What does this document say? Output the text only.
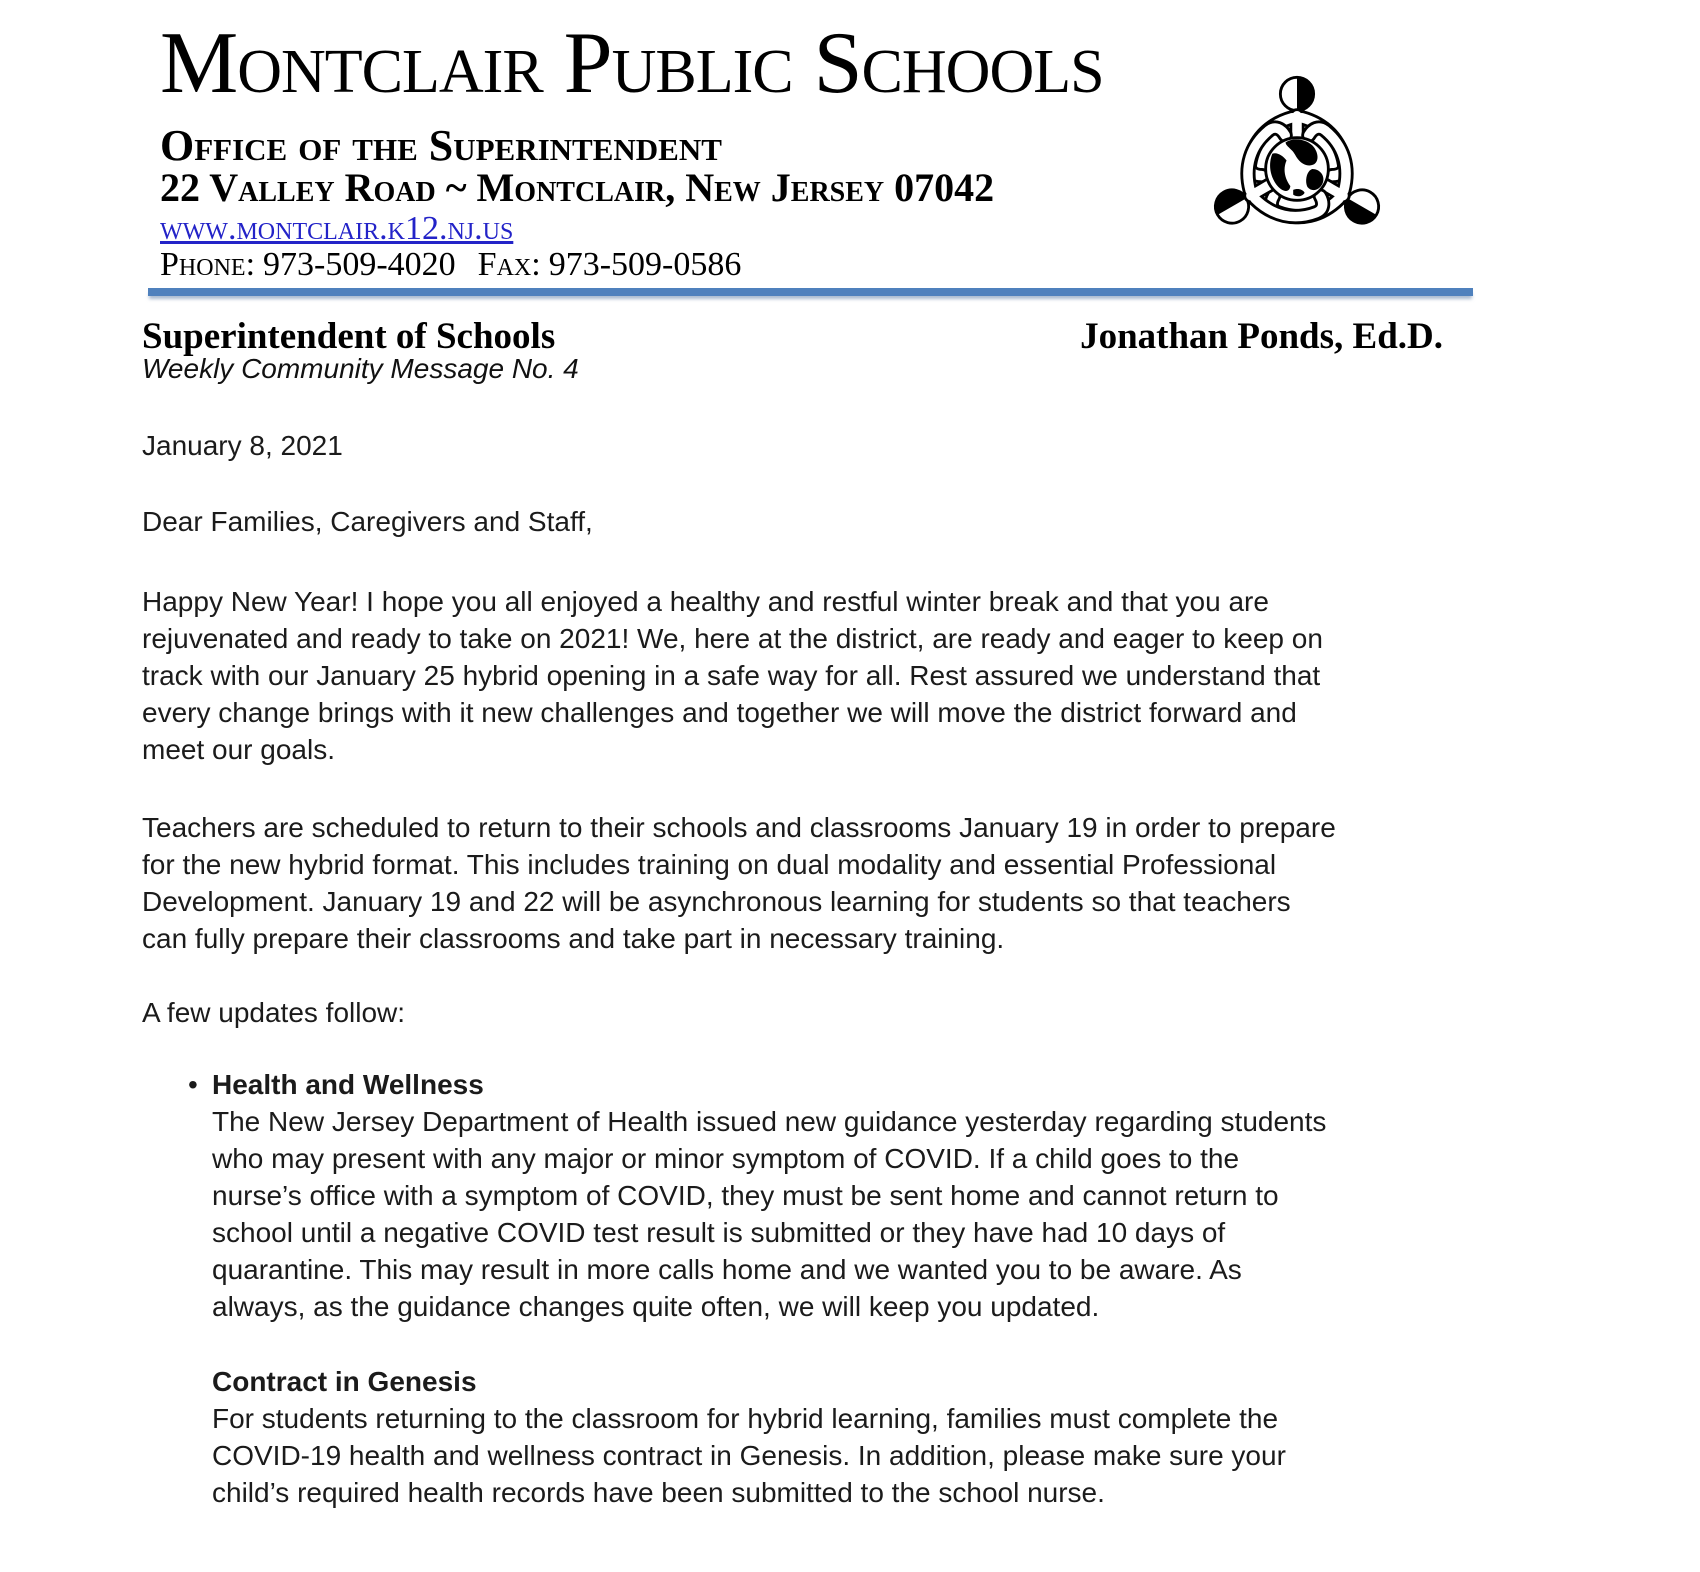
Montclair Public Schools
Office of the Superintendent
22 Valley Road ~ Montclair, New Jersey 07042
www.montclair.k12.nj.us
Phone: 973-509-4020 Fax: 973-509-0586
Superintendent of Schools	Jonathan Ponds, Ed.D.
Weekly Community Message No. 4
January 8, 2021
Dear Families, Caregivers and Staff,

Happy New Year! I hope you all enjoyed a healthy and restful winter break and that you are rejuvenated and ready to take on 2021! We, here at the district, are ready and eager to keep on track with our January 25 hybrid opening in a safe way for all. Rest assured we understand that every change brings with it new challenges and together we will move the district forward and meet our goals.

Teachers are scheduled to return to their schools and classrooms January 19 in order to prepare for the new hybrid format. This includes training on dual modality and essential Professional Development. January 19 and 22 will be asynchronous learning for students so that teachers can fully prepare their classrooms and take part in necessary training.

A few updates follow:
• Health and Wellness

The New Jersey Department of Health issued new guidance yesterday regarding students who may present with any major or minor symptom of COVID. If a child goes to the nurse’s office with a symptom of COVID, they must be sent home and cannot return to school until a negative COVID test result is submitted or they have had 10 days of quarantine. This may result in more calls home and we wanted you to be aware. As always, as the guidance changes quite often, we will keep you updated.

Contract in Genesis

For students returning to the classroom for hybrid learning, families must complete the COVID-19 health and wellness contract in Genesis. In addition, please make sure your child’s required health records have been submitted to the school nurse.
